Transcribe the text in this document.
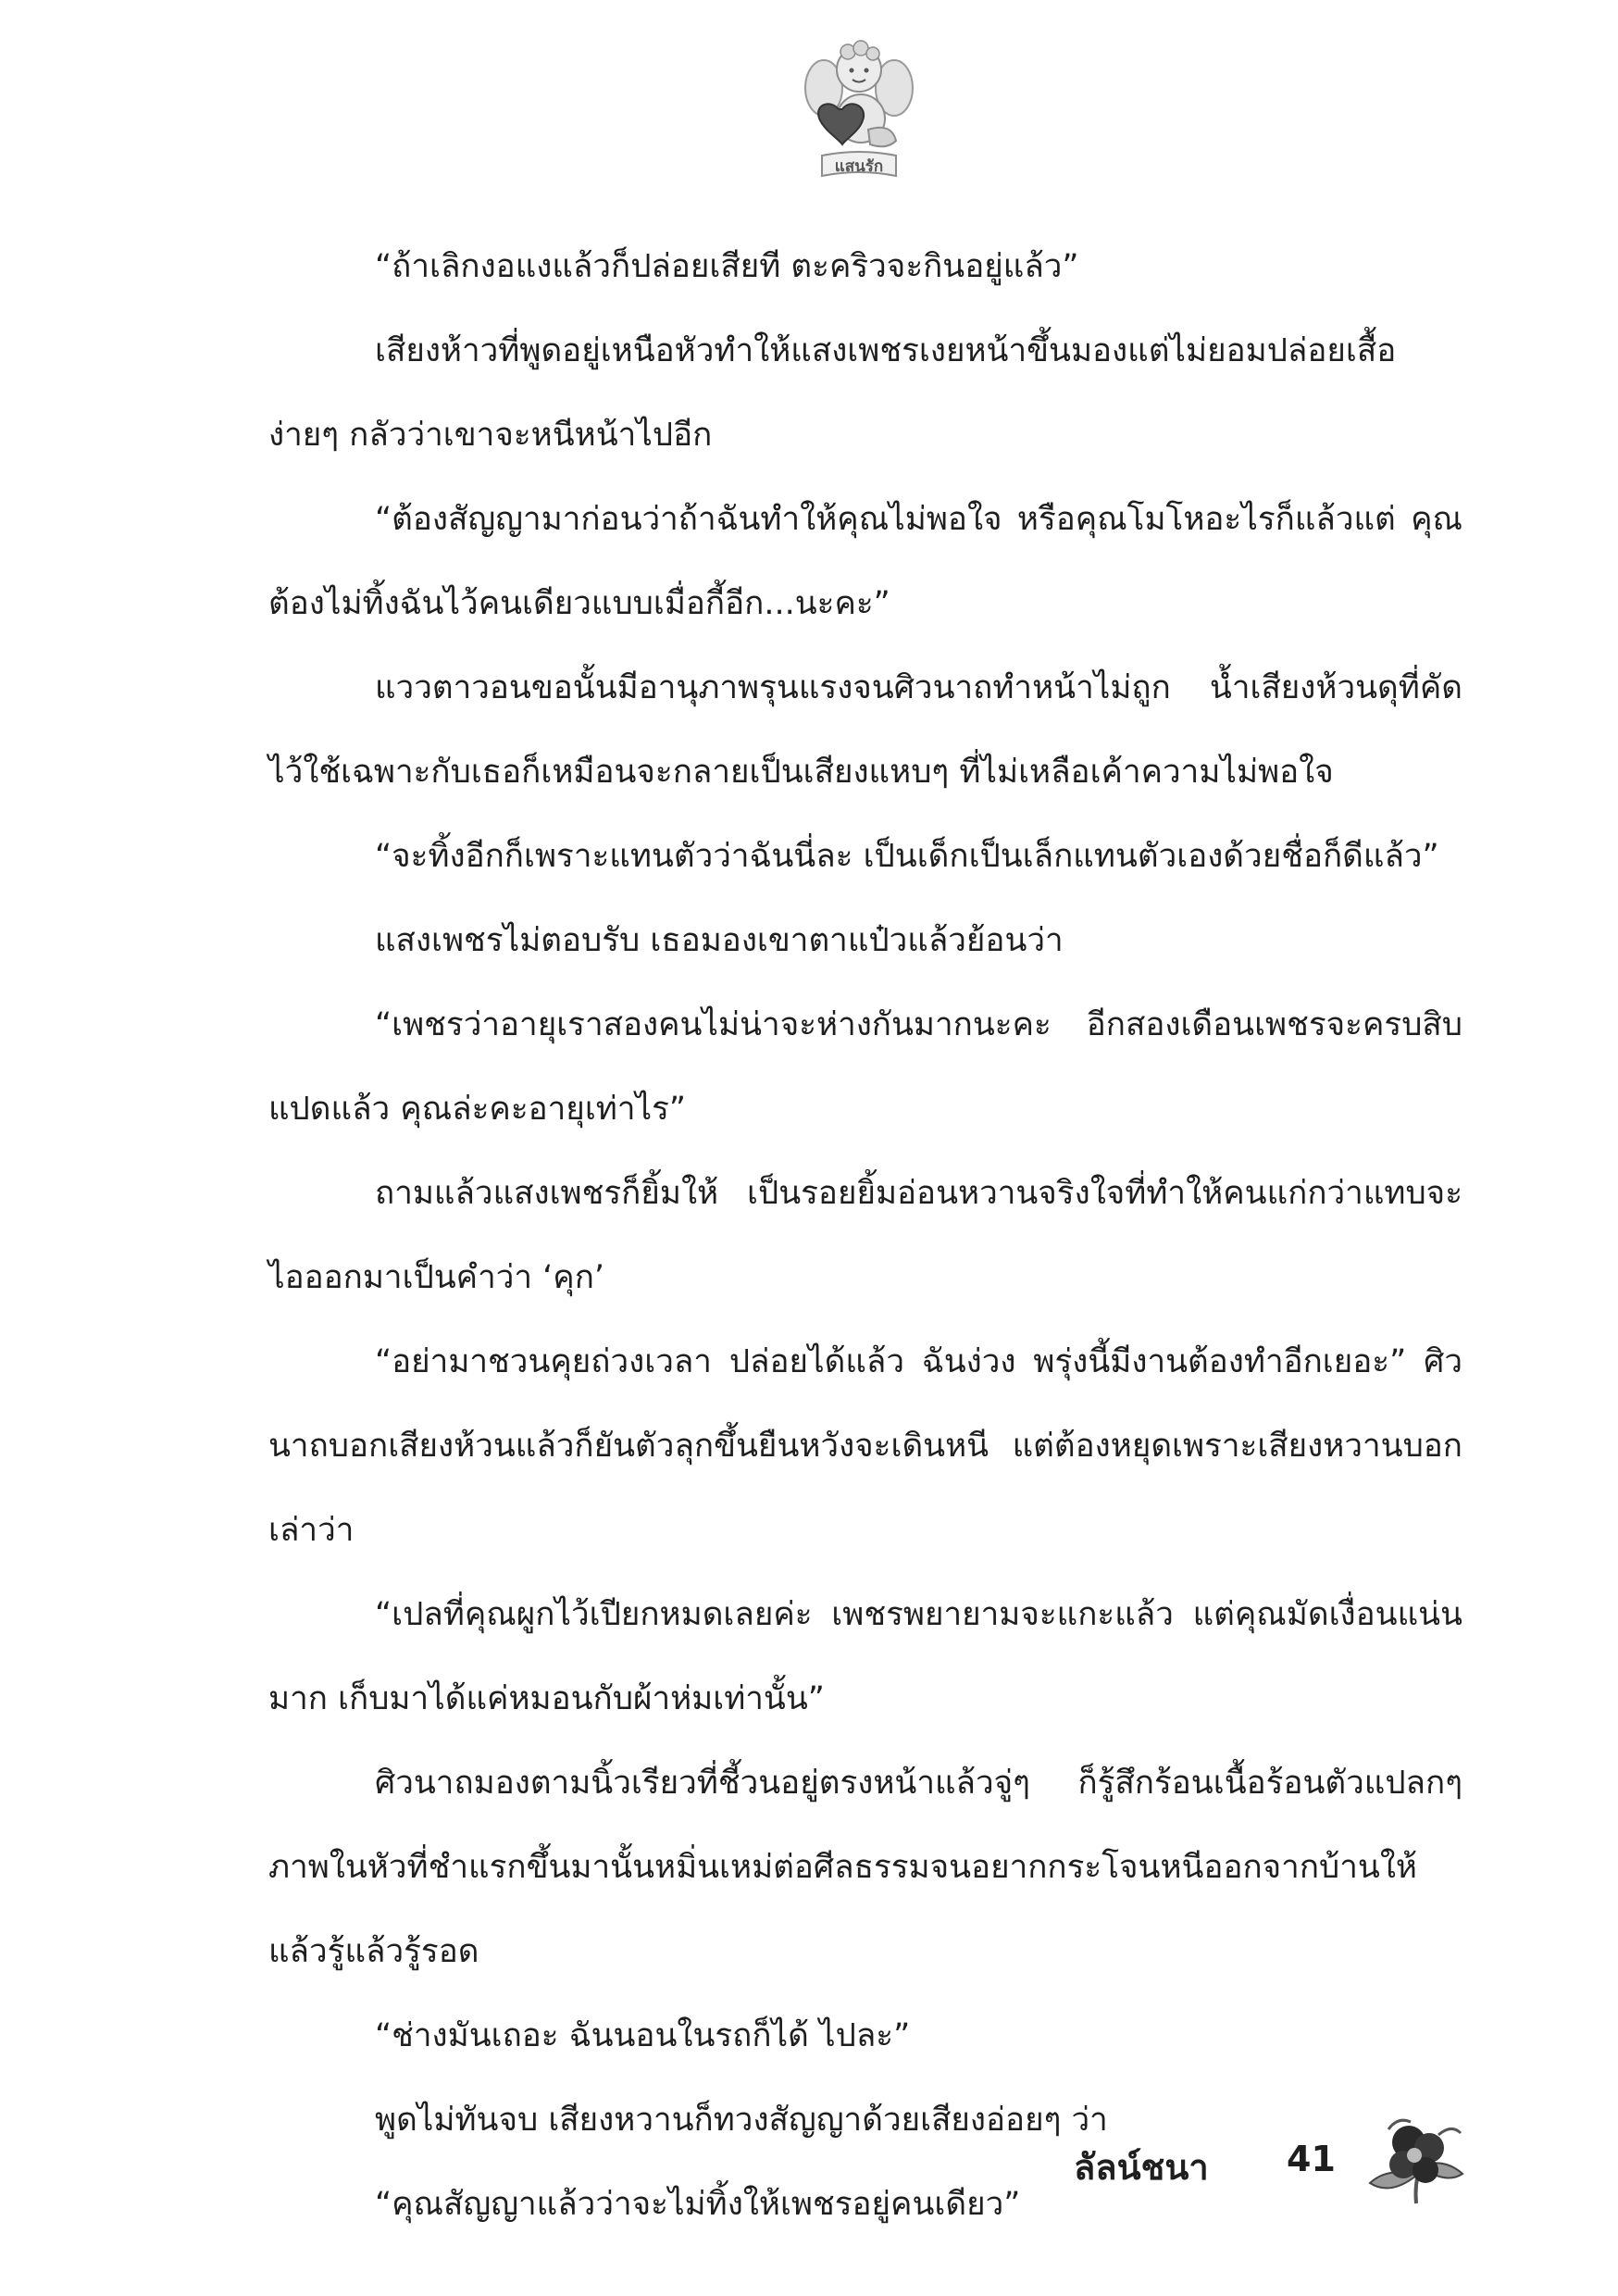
แสนรัก

“ถ้าเลิกงอแงแล้วก็ปล่อยเสียที ตะคริวจะกินอยู่แล้ว”

เสียงห้าวที่พูดอยู่เหนือหัวทำให้แสงเพชรเงยหน้าขึ้นมองแต่ไม่ยอมปล่อยเสื้อง่ายๆ กลัวว่าเขาจะหนีหน้าไปอีก

“ต้องสัญญามาก่อนว่าถ้าฉันทำให้คุณไม่พอใจ หรือคุณโมโหอะไรก็แล้วแต่ คุณต้องไม่ทิ้งฉันไว้คนเดียวแบบเมื่อกี้อีก...นะคะ”

แววตาวอนขอนั้นมีอานุภาพรุนแรงจนศิวนาถทำหน้าไม่ถูก น้ำเสียงห้วนดุที่คัดไว้ใช้เฉพาะกับเธอก็เหมือนจะกลายเป็นเสียงแหบๆ ที่ไม่เหลือเค้าความไม่พอใจ

“จะทิ้งอีกก็เพราะแทนตัวว่าฉันนี่ละ เป็นเด็กเป็นเล็กแทนตัวเองด้วยชื่อก็ดีแล้ว”

แสงเพชรไม่ตอบรับ เธอมองเขาตาแป๋วแล้วย้อนว่า

“เพชรว่าอายุเราสองคนไม่น่าจะห่างกันมากนะคะ อีกสองเดือนเพชรจะครบสิบแปดแล้ว คุณล่ะคะอายุเท่าไร”

ถามแล้วแสงเพชรก็ยิ้มให้ เป็นรอยยิ้มอ่อนหวานจริงใจที่ทำให้คนแก่กว่าแทบจะไอออกมาเป็นคำว่า ‘คุก’

“อย่ามาชวนคุยถ่วงเวลา ปล่อยได้แล้ว ฉันง่วง พรุ่งนี้มีงานต้องทำอีกเยอะ” ศิวนาถบอกเสียงห้วนแล้วก็ยันตัวลุกขึ้นยืนหวังจะเดินหนี แต่ต้องหยุดเพราะเสียงหวานบอกเล่าว่า

“เปลที่คุณผูกไว้เปียกหมดเลยค่ะ เพชรพยายามจะแกะแล้ว แต่คุณมัดเงื่อนแน่นมาก เก็บมาได้แค่หมอนกับผ้าห่มเท่านั้น”

ศิวนาถมองตามนิ้วเรียวที่ชี้วนอยู่ตรงหน้าแล้วจู่ๆ ก็รู้สึกร้อนเนื้อร้อนตัวแปลกๆ ภาพในหัวที่ชำแรกขึ้นมานั้นหมิ่นเหม่ต่อศีลธรรมจนอยากกระโจนหนีออกจากบ้านให้แล้วรู้แล้วรู้รอด

“ช่างมันเถอะ ฉันนอนในรถก็ได้ ไปละ”

พูดไม่ทันจบ เสียงหวานก็ทวงสัญญาด้วยเสียงอ่อยๆ ว่า

“คุณสัญญาแล้วว่าจะไม่ทิ้งให้เพชรอยู่คนเดียว”

ลัลน์ชนา 41
